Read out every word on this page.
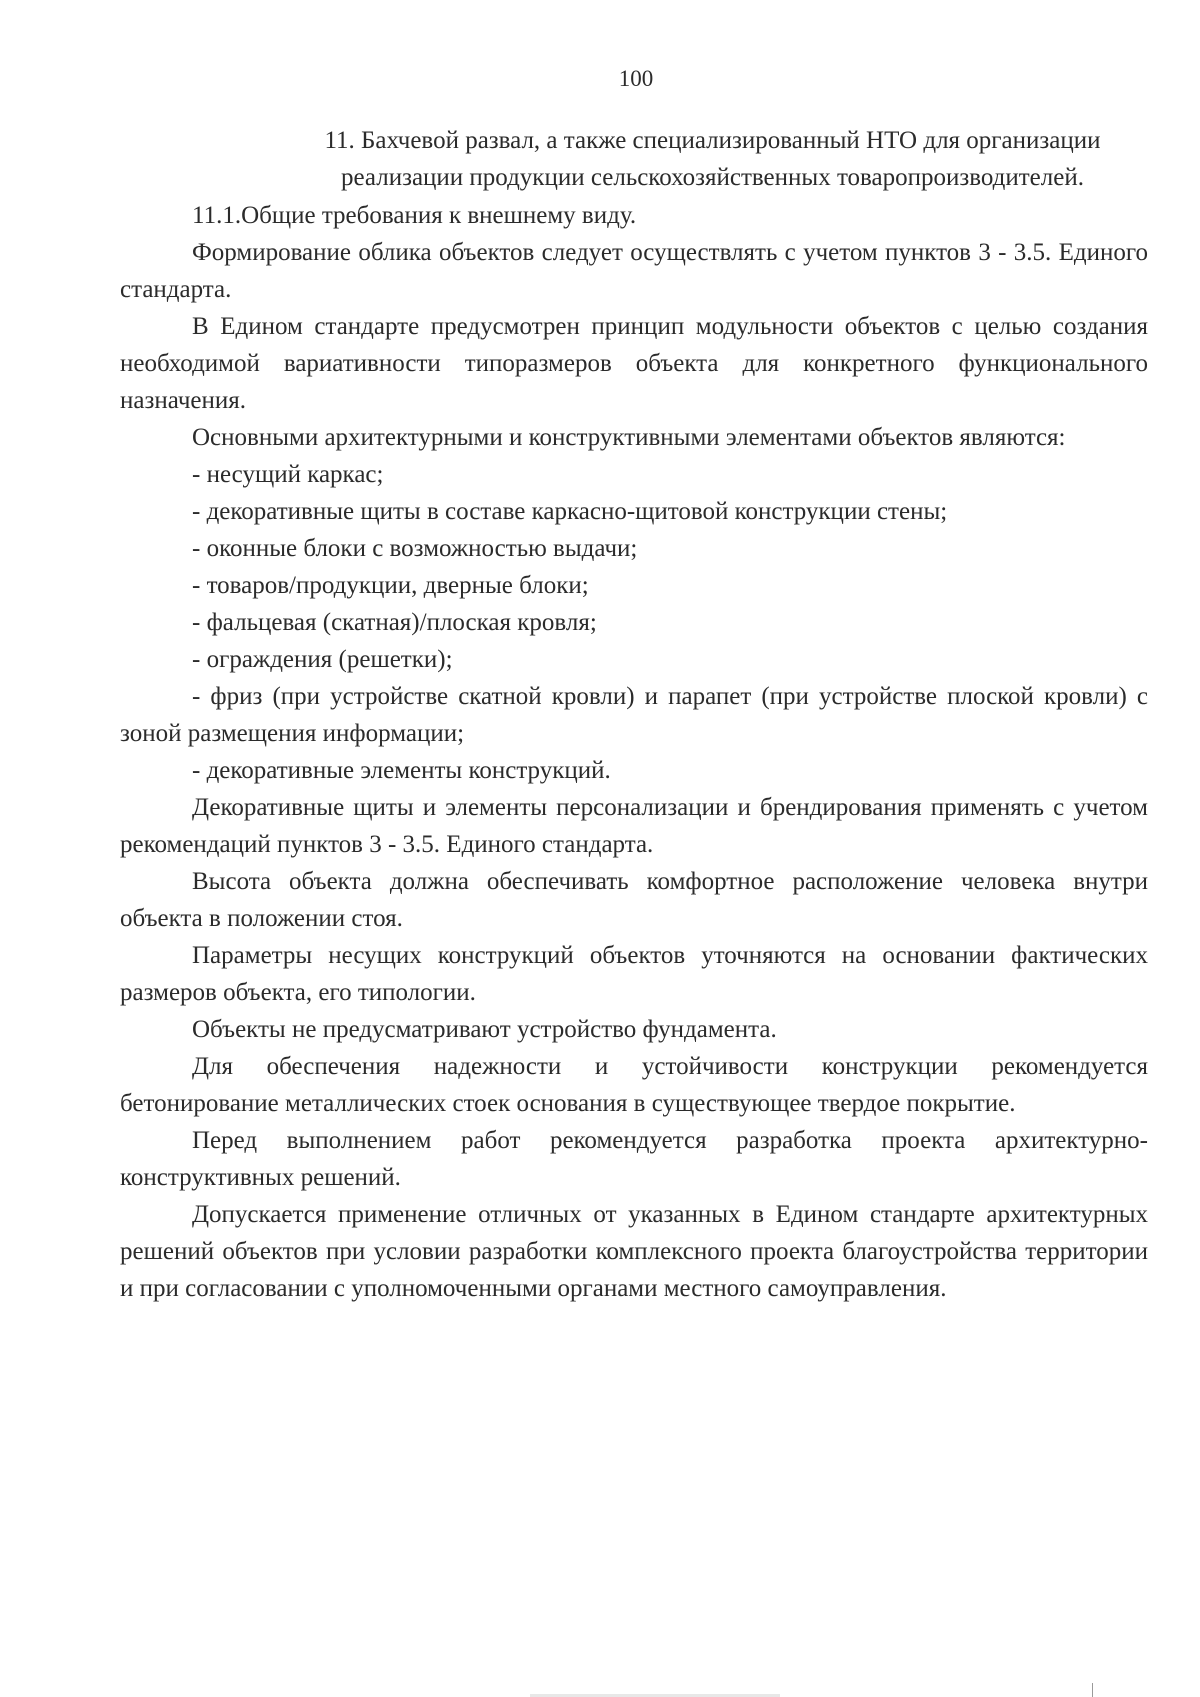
100
11. Бахчевой развал, а также специализированный НТО для организации реализации продукции сельскохозяйственных товаропроизводителей.

11.1.Общие требования к внешнему виду.

Формирование облика объектов следует осуществлять с учетом пунктов 3 - 3.5. Единого стандарта.

В Едином стандарте предусмотрен принцип модульности объектов с целью создания необходимой вариативности типоразмеров объекта для конкретного функционального назначения.

Основными архитектурными и конструктивными элементами объектов являются:

- несущий каркас;

- декоративные щиты в составе каркасно-щитовой конструкции стены;

- оконные блоки с возможностью выдачи;

- товаров/продукции, дверные блоки;

- фальцевая (скатная)/плоская кровля;

- ограждения (решетки);

- фриз (при устройстве скатной кровли) и парапет (при устройстве плоской кровли) с зоной размещения информации;

- декоративные элементы конструкций.

Декоративные щиты и элементы персонализации и брендирования применять с учетом рекомендаций пунктов 3 - 3.5. Единого стандарта.

Высота объекта должна обеспечивать комфортное расположение человека внутри объекта в положении стоя.

Параметры несущих конструкций объектов уточняются на основании фактических размеров объекта, его типологии.

Объекты не предусматривают устройство фундамента.

Для обеспечения надежности и устойчивости конструкции рекомендуется бетонирование металлических стоек основания в существующее твердое покрытие.

Перед выполнением работ рекомендуется разработка проекта архитектурно-конструктивных решений.

Допускается применение отличных от указанных в Едином стандарте архитектурных решений объектов при условии разработки комплексного проекта благоустройства территории и при согласовании с уполномоченными органами местного самоуправления.
